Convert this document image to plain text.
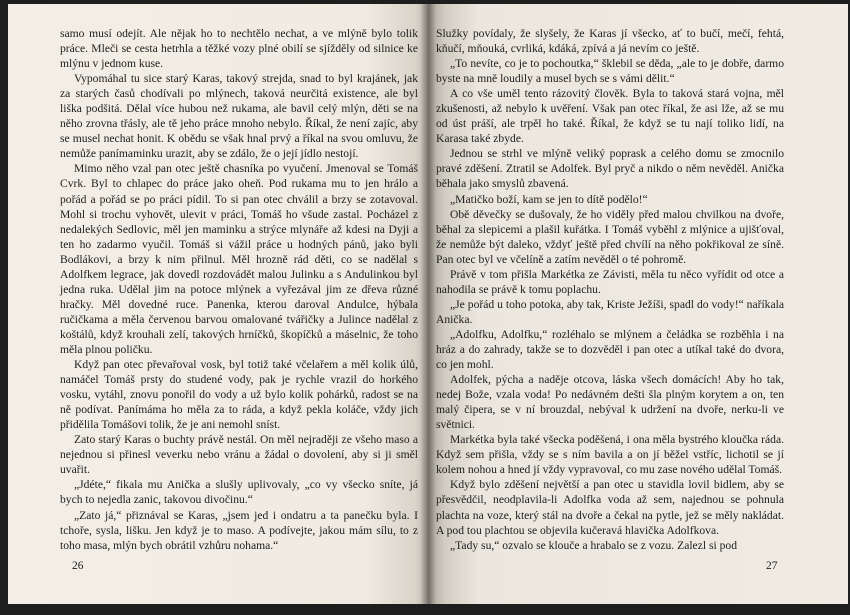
samo musí odejít. Ale nějak ho to nechtělo nechat, a ve mlýně bylo tolik práce. Mleči se cesta hetrhla a těžké vozy plné obilí se sjížděly od silnice ke mlýnu v jednom kuse.

Vypomáhal tu sice starý Karas, takový strejda, snad to byl krajánek, jak za starých časů chodívali po mlýnech, taková neurčitá existence, ale byl liška podšitá. Dělal více hubou než rukama, ale bavil celý mlýn, děti se na něho zrovna třásly, ale tě jeho práce mnoho nebylo. Říkal, že není zajíc, aby se musel nechat honit. K obědu se však hnal prvý a říkal na svou omluvu, že nemůže panímaminku urazit, aby se zdálo, že o její jídlo nestojí.

Mimo něho vzal pan otec ještě chasníka po vyučení. Jmenoval se Tomáš Cvrk. Byl to chlapec do práce jako oheň. Pod rukama mu to jen hrálo a pořád a pořád se po práci pídil. To si pan otec chválil a brzy se zotavoval. Mohl si trochu vyhovět, ulevit v práci, Tomáš ho všude zastal. Pocházel z nedalekých Sedlovic, měl jen maminku a strýce mlynáře až kdesi na Dyji a ten ho zadarmo vyučil. Tomáš si vážil práce u hodných pánů, jako byli Bodlákovi, a brzy k nim přilnul. Měl hrozně rád děti, co se nadělal s Adolfkem legrace, jak dovedl rozdovádět malou Julinku a s Andulinkou byl jedna ruka. Udělal jim na potoce mlýnek a vyřezával jim ze dřeva různé hračky. Měl dovedné ruce. Panenka, kterou daroval Andulce, hýbala ručičkama a měla červenou barvou omalované tvářičky a Julince nadělal z koštálů, když krouhali zelí, takových hrníčků, škopíčků a máselnic, že toho měla plnou poličku.

Když pan otec převařoval vosk, byl totiž také včelařem a měl kolik úlů, namáčel Tomáš prsty do studené vody, pak je rychle vrazil do horkého vosku, vytáhl, znovu ponořil do vody a už bylo kolik pohárků, radost se na ně podívat. Panímáma ho měla za to ráda, a když pekla koláče, vždy jich přidělila Tomášovi tolik, že je ani nemohl sníst.

Zato starý Karas o buchty právě nestál. On měl nejraději ze všeho maso a nejednou si přinesl veverku nebo vránu a žádal o dovolení, aby si ji směl uvařit.

„Jdéte,“ fikala mu Anička a slušly uplivovaly, „co vy všecko sníte, já bych to nejedla zanic, takovou divočinu.“

„Zato já,“ přiznával se Karas, „jsem jed i ondatru a ta panečku byla. I tchoře, sysla, lišku. Jen když je to maso. A podívejte, jakou mám sílu, to z toho masa, mlýn bych obrátil vzhůru nohama.“

26

Služky povídaly, že slyšely, že Karas jí všecko, ať to bučí, mečí, fehtá, kňučí, mňouká, cvrliká, kdáká, zpívá a já nevím co ještě.

„To nevíte, co je to pochoutka,“ šklebil se děda, „ale to je dobře, darmo byste na mně loudily a musel bych se s vámi dělit.“

A co vše uměl tento rázovitý člověk. Byla to taková stará vojna, měl zkušenosti, až nebylo k uvěření. Však pan otec říkal, že asi lže, až se mu od úst práší, ale trpěl ho také. Říkal, že když se tu nají toliko lidí, na Karasa také zbyde.

Jednou se strhl ve mlýně veliký poprask a celého domu se zmocnilo pravé zděšení. Ztratil se Adolfek. Byl pryč a nikdo o něm nevěděl. Anička běhala jako smyslů zbavená.

„Matičko boží, kam se jen to dítě podělo!“

Obě děvečky se dušovaly, že ho viděly před malou chvilkou na dvoře, běhal za slepicemi a plašil kuřátka. I Tomáš vyběhl z mlýnice a ujišťoval, že nemůže být daleko, vždyť ještě před chvílí na něho pokřikoval ze síně. Pan otec byl ve včelíně a zatím nevěděl o té pohromě.

Právě v tom přišla Markétka ze Závisti, měla tu něco vyřídit od otce a nahodila se právě k tomu poplachu.

„Je pořád u toho potoka, aby tak, Kriste Ježíši, spadl do vody!“ naříkala Anička.

„Adolfku, Adolfku,“ rozléhalo se mlýnem a čeládka se rozběhla i na hráz a do zahrady, takže se to dozvěděl i pan otec a utíkal také do dvora, co jen mohl.

Adolfek, pýcha a naděje otcova, láska všech domácích! Aby ho tak, nedej Bože, vzala voda! Po nedávném dešti šla plným korytem a on, ten malý čipera, se v ní brouzdal, nebýval k udržení na dvoře, nerku-li ve světnici.

Markétka byla také všecka poděšená, i ona měla bystrého kloučka ráda. Když sem přišla, vždy se s ním bavila a on jí běžel vstříc, lichotil se jí kolem nohou a hned jí vždy vypravoval, co mu zase nového udělal Tomáš.

Když bylo zděšení největší a pan otec u stavidla lovil bidlem, aby se přesvědčil, neodplavila-li Adolfka voda až sem, najednou se pohnula plachta na voze, který stál na dvoře a čekal na pytle, jež se měly nakládat. A pod tou plachtou se objevila kučeravá hlavička Adolfkova.

„Tady su,“ ozvalo se klouče a hrabalo se z vozu. Zalezl si pod

27
